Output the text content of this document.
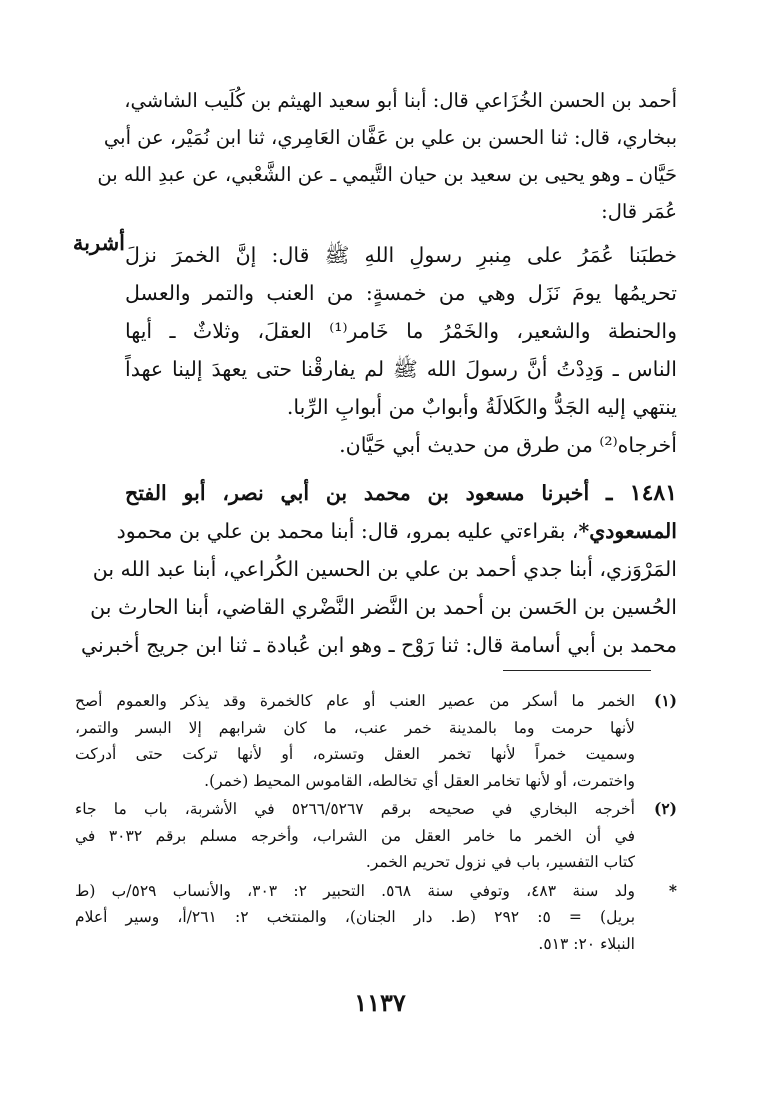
أشربة
أحمد بن الحسن الخُزَاعي قال: أبنا أبو سعيد الهيثم بن كُلَيب الشاشي،
ببخاري، قال: ثنا الحسن بن علي بن عَفَّان العَامِري، ثنا ابن نُمَيْر، عن أبي
حَيَّان ـ وهو يحيى بن سعيد بن حيان التَّيمي ـ عن الشَّعْبي، عن عبدِ الله بن
عُمَر قال:
خطبَنا عُمَرُ على مِنبرِ رسولِ اللهِ ﷺ قال: إنَّ الخمرَ نزلَ
تحريمُها يومَ نَزَل وهي من خمسةٍ: من العنب والتمر والعسل
والحنطة والشعير، والخَمْرُ ما خَامر⁽¹⁾ العقلَ، وثلاثٌ ـ أيها
الناس ـ وَدِدْتُ أنَّ رسولَ الله ﷺ لم يفارقْنا حتى يعهدَ إلينا عهداً
ينتهي إليه الجَدُّ والكَلالَةُ وأبوابٌ من أبوابِ الرِّبا.
أخرجاه⁽²⁾ من طرق من حديث أبي حَيَّان.
١٤٨١ ـ أخبرنا مسعود بن محمد بن أبي نصر، أبو الفتح
المسعودي*، بقراءتي عليه بمرو، قال: أبنا محمد بن علي بن محمود
المَرْوَزي، أبنا جدي أحمد بن علي بن الحسين الكُراعي، أبنا عبد الله بن
الحُسين بن الحَسن بن أحمد بن النَّضر النَّضْري القاضي، أبنا الحارث بن
محمد بن أبي أسامة قال: ثنا رَوْح ـ وهو ابن عُبادة ـ ثنا ابن جريج أخبرني
(١)
الخمر ما أسكر من عصير العنب أو عام كالخمرة وقد يذكر والعموم أصح
لأنها حرمت وما بالمدينة خمر عنب، ما كان شرابهم إلا البسر والتمر،
وسميت خمراً لأنها تخمر العقل وتستره، أو لأنها تركت حتى أدركت
واختمرت، أو لأنها تخامر العقل أي تخالطه، القاموس المحيط (خمر).
(٢)
أخرجه البخاري في صحيحه برقم ٥٢٦٦/٥٢٦٧ في الأشربة، باب ما جاء
في أن الخمر ما خامر العقل من الشراب، وأخرجه مسلم برقم ٣٠٣٢ في
كتاب التفسير، باب في نزول تحريم الخمر.
*
ولد سنة ٤٨٣، وتوفي سنة ٥٦٨. التحبير ٢: ٣٠٣، والأنساب ٥٢٩/ب (ط
بريل) = ٥: ٢٩٢ (ط. دار الجنان)، والمنتخب ٢: ٢٦١/أ، وسير أعلام
النبلاء ٢٠: ٥١٣.
١١٣٧
